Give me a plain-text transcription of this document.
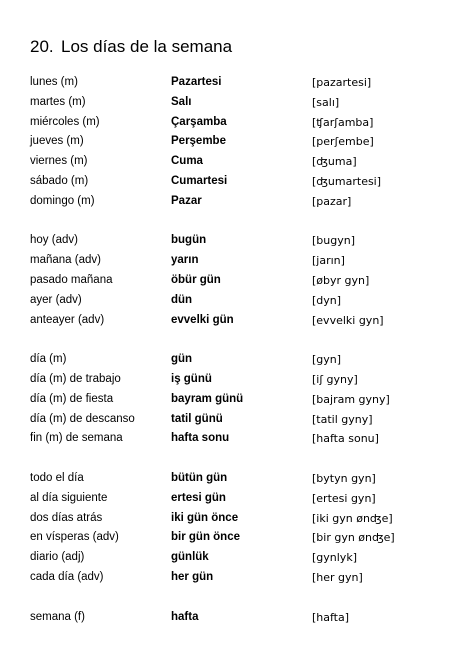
20. Los días de la semana
lunes (m)	Pazartesi	[pazartesi]
martes (m)	Salı	[salı]
miércoles (m)	Çarşamba	[ʧarʃamba]
jueves (m)	Perşembe	[perʃembe]
viernes (m)	Cuma	[ʤuma]
sábado (m)	Cumartesi	[ʤumartesi]
domingo (m)	Pazar	[pazar]
hoy (adv)	bugün	[bugyn]
mañana (adv)	yarın	[jarın]
pasado mañana	öbür gün	[øbyr gyn]
ayer (adv)	dün	[dyn]
anteayer (adv)	evvelki gün	[evvelki gyn]
día (m)	gün	[gyn]
día (m) de trabajo	iş günü	[iʃ gyny]
día (m) de fiesta	bayram günü	[bajram gyny]
día (m) de descanso	tatil günü	[tatil gyny]
fin (m) de semana	hafta sonu	[hafta sonu]
todo el día	bütün gün	[bytyn gyn]
al día siguiente	ertesi gün	[ertesi gyn]
dos días atrás	iki gün önce	[iki gyn ønʤe]
en vísperas (adv)	bir gün önce	[bir gyn ønʤe]
diario (adj)	günlük	[gynlyk]
cada día (adv)	her gün	[her gyn]
semana (f)	hafta	[hafta]
